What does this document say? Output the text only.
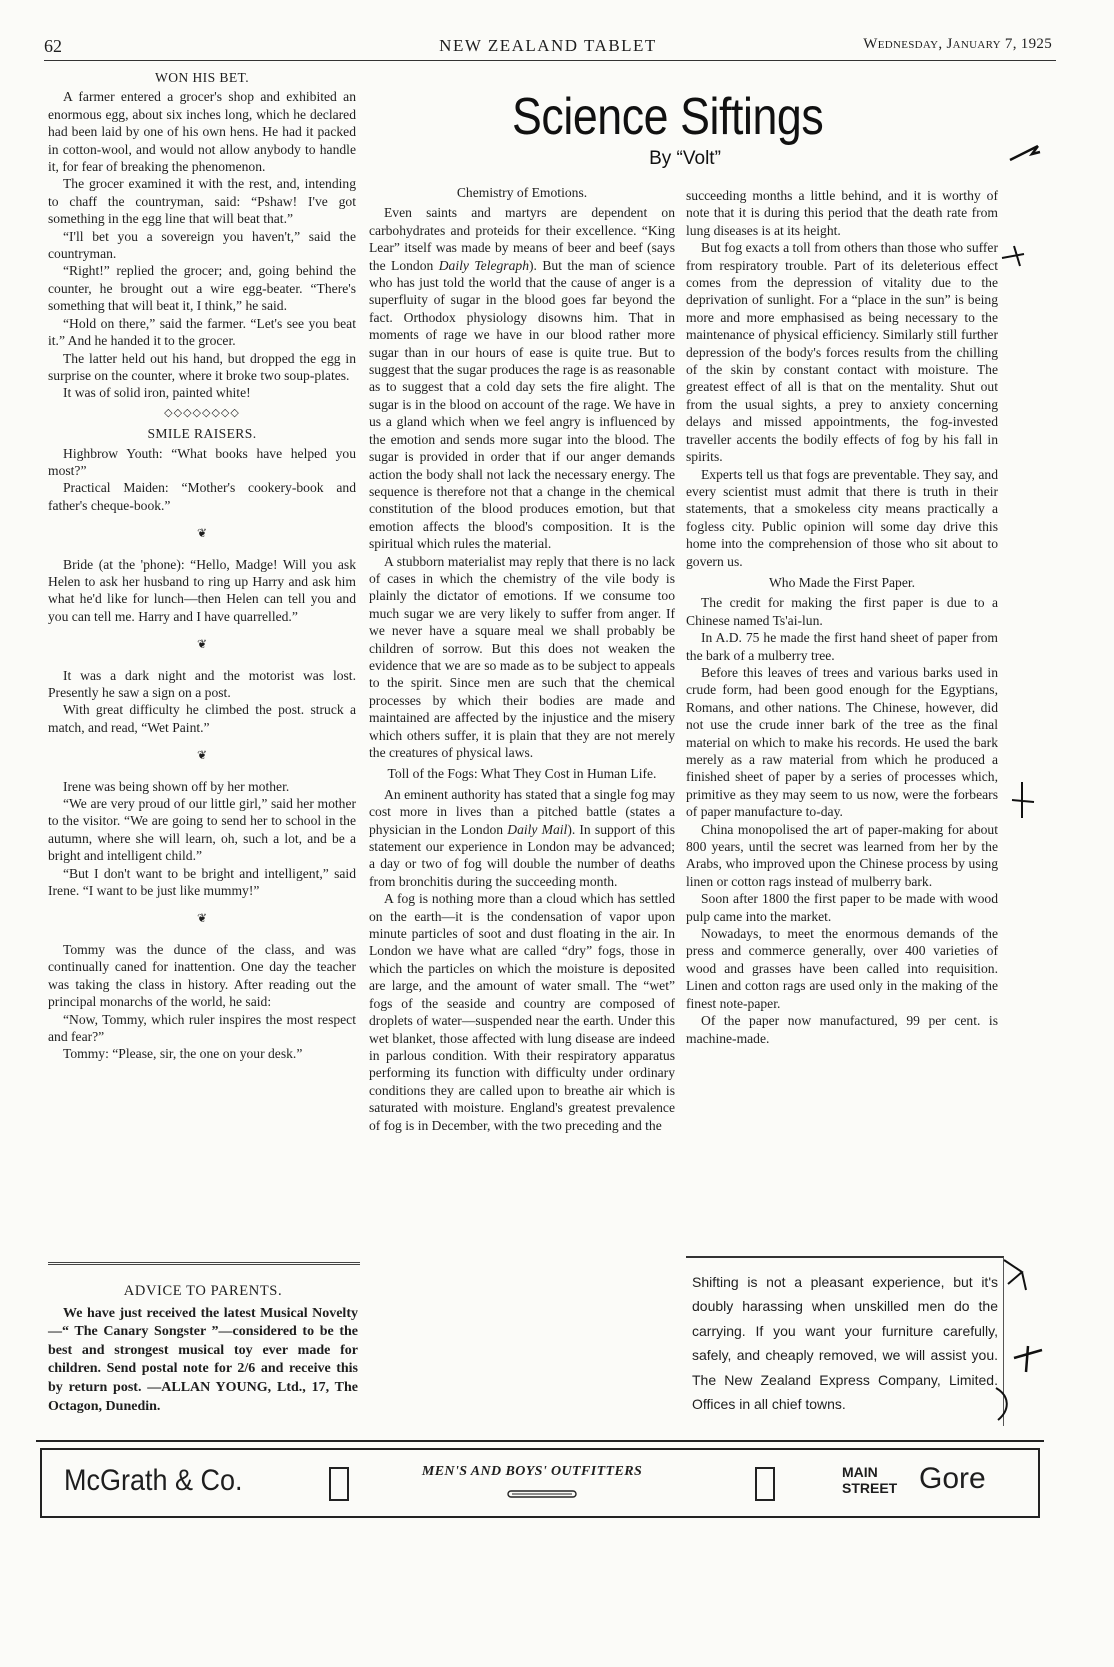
62	NEW ZEALAND TABLET	Wednesday, January 7, 1925
WON HIS BET.

A farmer entered a grocer's shop and exhibited an enormous egg, about six inches long, which he declared had been laid by one of his own hens. He had it packed in cotton-wool, and would not allow anybody to handle it, for fear of breaking the phenomenon.

The grocer examined it with the rest, and, intending to chaff the countryman, said: “Pshaw! I've got something in the egg line that will beat that.”

“I'll bet you a sovereign you haven't,” said the countryman.

“Right!” replied the grocer; and, going behind the counter, he brought out a wire egg-beater. “There's something that will beat it, I think,” he said.

“Hold on there,” said the farmer. “Let's see you beat it.” And he handed it to the grocer.

The latter held out his hand, but dropped the egg in surprise on the counter, where it broke two soup-plates.

It was of solid iron, painted white!

◇◇◇◇◇◇◇◇
SMILE RAISERS.

Highbrow Youth: “What books have helped you most?”

Practical Maiden: “Mother's cookery-book and father's cheque-book.”

❦

Bride (at the 'phone): “Hello, Madge! Will you ask Helen to ask her husband to ring up Harry and ask him what he'd like for lunch—then Helen can tell you and you can tell me. Harry and I have quarrelled.”

❦

It was a dark night and the motorist was lost. Presently he saw a sign on a post.

With great difficulty he climbed the post. struck a match, and read, “Wet Paint.”

❦

Irene was being shown off by her mother.

“We are very proud of our little girl,” said her mother to the visitor. “We are going to send her to school in the autumn, where she will learn, oh, such a lot, and be a bright and intelligent child.”

“But I don't want to be bright and intelligent,” said Irene. “I want to be just like mummy!”

❦

Tommy was the dunce of the class, and was continually caned for inattention. One day the teacher was taking the class in history. After reading out the principal monarchs of the world, he said:

“Now, Tommy, which ruler inspires the most respect and fear?”

Tommy: “Please, sir, the one on your desk.”

ADVICE TO PARENTS.

We have just received the latest Musical Novelty—“ The Canary Songster ”—considered to be the best and strongest musical toy ever made for children. Send postal note for 2/6 and receive this by return post. —ALLAN YOUNG, Ltd., 17, The Octagon, Dunedin.

Science Siftings
By “Volt”
Chemistry of Emotions.

Even saints and martyrs are dependent on carbohydrates and proteids for their excellence. “King Lear” itself was made by means of beer and beef (says the London Daily Telegraph). But the man of science who has just told the world that the cause of anger is a superfluity of sugar in the blood goes far beyond the fact. Orthodox physiology disowns him. That in moments of rage we have in our blood rather more sugar than in our hours of ease is quite true. But to suggest that the sugar produces the rage is as reasonable as to suggest that a cold day sets the fire alight. The sugar is in the blood on account of the rage. We have in us a gland which when we feel angry is influenced by the emotion and sends more sugar into the blood. The sugar is provided in order that if our anger demands action the body shall not lack the necessary energy. The sequence is therefore not that a change in the chemical constitution of the blood produces emotion, but that emotion affects the blood's composition. It is the spiritual which rules the material.

A stubborn materialist may reply that there is no lack of cases in which the chemistry of the vile body is plainly the dictator of emotions. If we consume too much sugar we are very likely to suffer from anger. If we never have a square meal we shall probably be children of sorrow. But this does not weaken the evidence that we are so made as to be subject to appeals to the spirit. Since men are such that the chemical processes by which their bodies are made and maintained are affected by the injustice and the misery which others suffer, it is plain that they are not merely the creatures of physical laws.

Toll of the Fogs: What They Cost in Human Life.

An eminent authority has stated that a single fog may cost more in lives than a pitched battle (states a physician in the London Daily Mail). In support of this statement our experience in London may be advanced; a day or two of fog will double the number of deaths from bronchitis during the succeeding month.

A fog is nothing more than a cloud which has settled on the earth—it is the condensation of vapor upon minute particles of soot and dust floating in the air. In London we have what are called “dry” fogs, those in which the particles on which the moisture is deposited are large, and the amount of water small. The “wet” fogs of the seaside and country are composed of droplets of water—suspended near the earth. Under this wet blanket, those affected with lung disease are indeed in parlous condition. With their respiratory apparatus performing its function with difficulty under ordinary conditions they are called upon to breathe air which is saturated with moisture. England's greatest prevalence of fog is in December, with the two preceding and the

succeeding months a little behind, and it is worthy of note that it is during this period that the death rate from lung diseases is at its height.

But fog exacts a toll from others than those who suffer from respiratory trouble. Part of its deleterious effect comes from the depression of vitality due to the deprivation of sunlight. For a “place in the sun” is being more and more emphasised as being necessary to the maintenance of physical efficiency. Similarly still further depression of the body's forces results from the chilling of the skin by constant contact with moisture. The greatest effect of all is that on the mentality. Shut out from the usual sights, a prey to anxiety concerning delays and missed appointments, the fog-invested traveller accents the bodily effects of fog by his fall in spirits.

Experts tell us that fogs are preventable. They say, and every scientist must admit that there is truth in their statements, that a smokeless city means practically a fogless city. Public opinion will some day drive this home into the comprehension of those who sit about to govern us.

Who Made the First Paper.

The credit for making the first paper is due to a Chinese named Ts'ai-lun.

In A.D. 75 he made the first hand sheet of paper from the bark of a mulberry tree.

Before this leaves of trees and various barks used in crude form, had been good enough for the Egyptians, Romans, and other nations. The Chinese, however, did not use the crude inner bark of the tree as the final material on which to make his records. He used the bark merely as a raw material from which he produced a finished sheet of paper by a series of processes which, primitive as they may seem to us now, were the forbears of paper manufacture to-day.

China monopolised the art of paper-making for about 800 years, until the secret was learned from her by the Arabs, who improved upon the Chinese process by using linen or cotton rags instead of mulberry bark.

Soon after 1800 the first paper to be made with wood pulp came into the market.

Nowadays, to meet the enormous demands of the press and commerce generally, over 400 varieties of wood and grasses have been called into requisition. Linen and cotton rags are used only in the making of the finest note-paper.

Of the paper now manufactured, 99 per cent. is machine-made.

Shifting is not a pleasant experience, but it's doubly harassing when unskilled men do the carrying. If you want your furniture carefully, safely, and cheaply removed, we will assist you. The New Zealand Express Company, Limited. Offices in all chief towns.
McGrath & Co.	MEN'S AND BOYS' OUTFITTERS	MAIN
STREET Gore
